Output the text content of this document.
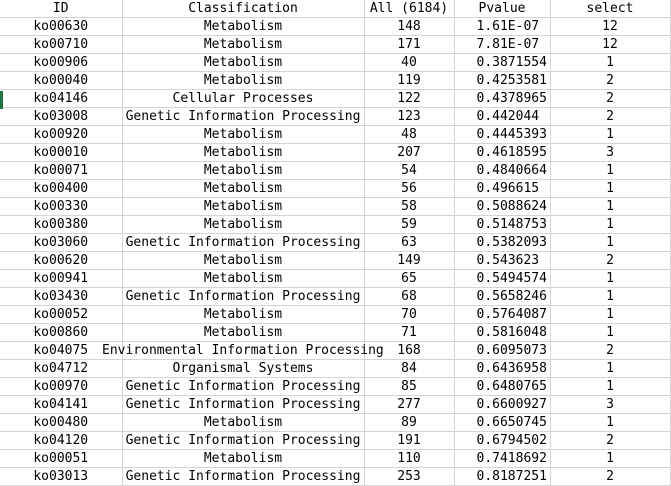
ID	Classification	All (6184)	Pvalue	select
ko00630	Metabolism	148	1.61E-07	12
ko00710	Metabolism	171	7.81E-07	12
ko00906	Metabolism	40	0.3871554	1
ko00040	Metabolism	119	0.4253581	2
ko04146	Cellular Processes	122	0.4378965	2
ko03008	Genetic Information Processing	123	0.442044	2
ko00920	Metabolism	48	0.4445393	1
ko00010	Metabolism	207	0.4618595	3
ko00071	Metabolism	54	0.4840664	1
ko00400	Metabolism	56	0.496615	1
ko00330	Metabolism	58	0.5088624	1
ko00380	Metabolism	59	0.5148753	1
ko03060	Genetic Information Processing	63	0.5382093	1
ko00620	Metabolism	149	0.543623	2
ko00941	Metabolism	65	0.5494574	1
ko03430	Genetic Information Processing	68	0.5658246	1
ko00052	Metabolism	70	0.5764087	1
ko00860	Metabolism	71	0.5816048	1
ko04075	Environmental Information Processing	168	0.6095073	2
ko04712	Organismal Systems	84	0.6436958	1
ko00970	Genetic Information Processing	85	0.6480765	1
ko04141	Genetic Information Processing	277	0.6600927	3
ko00480	Metabolism	89	0.6650745	1
ko04120	Genetic Information Processing	191	0.6794502	2
ko00051	Metabolism	110	0.7418692	1
ko03013	Genetic Information Processing	253	0.8187251	2
